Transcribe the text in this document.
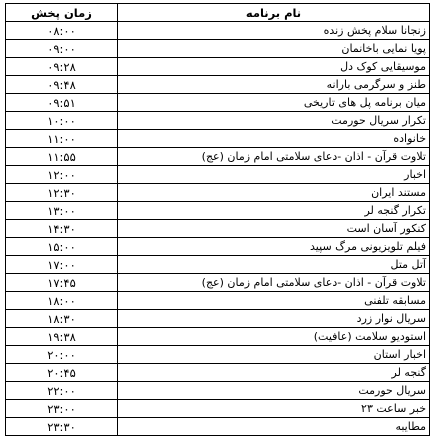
زمان پخش	نام برنامه
۰۸:۰۰	زنجانا سلام پخش زنده
۰۹:۰۰	پویا نمایی باخانمان
۰۹:۲۸	موسیقایی کوک دل
۰۹:۴۸	طنز و سرگرمی بارانه
۰۹:۵۱	میان برنامه پل های تاریخی
۱۰:۰۰	تکرار سریال حورمت
۱۱:۰۰	خانواده
۱۱:۵۵	تلاوت قرآن - اذان -دعای سلامتی امام زمان (عج)
۱۲:۰۰	اخبار
۱۲:۳۰	مستند ایران
۱۳:۰۰	تکرار گنجه لر
۱۴:۳۰	کنکور آسان است
۱۵:۰۰	فیلم تلویزیونی مرگ سپید
۱۷:۰۰	آتل متل
۱۷:۴۵	تلاوت قرآن - اذان -دعای سلامتی امام زمان (عج)
۱۸:۰۰	مسابقه تلفنی
۱۸:۳۰	سریال نوار زرد
۱۹:۳۸	استودیو سلامت (عافیت)
۲۰:۰۰	اخبار استان
۲۰:۴۵	گنجه لر
۲۲:۰۰	سریال حورمت
۲۳:۰۰	خبر ساعت ۲۳
۲۳:۳۰	مطایبه
